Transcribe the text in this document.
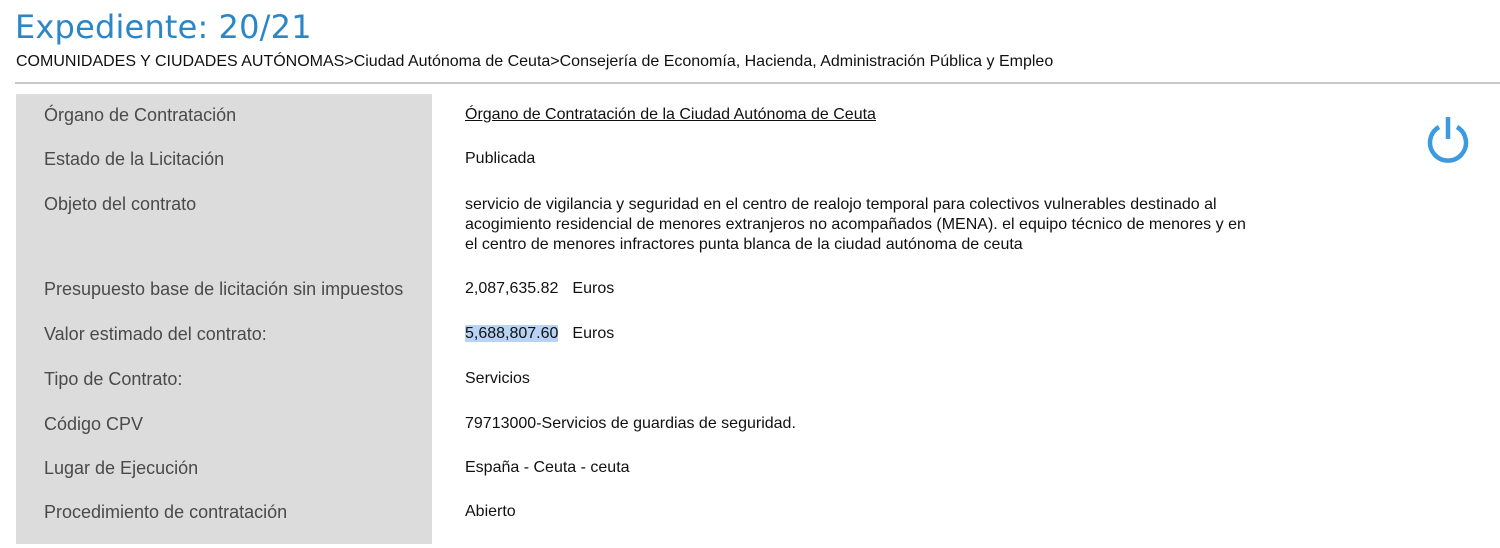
Expediente: 20/21
COMUNIDADES Y CIUDADES AUTÓNOMAS>Ciudad Autónoma de Ceuta>Consejería de Economía, Hacienda, Administración Pública y Empleo
Órgano de Contratación	Órgano de Contratación de la Ciudad Autónoma de Ceuta
Estado de la Licitación	Publicada
Objeto del contrato	servicio de vigilancia y seguridad en el centro de realojo temporal para colectivos vulnerables destinado al acogimiento residencial de menores extranjeros no acompañados (MENA). el equipo técnico de menores y en el centro de menores infractores punta blanca de la ciudad autónoma de ceuta
Presupuesto base de licitación sin impuestos	2,087,635.82 Euros
Valor estimado del contrato:	5,688,807.60 Euros
Tipo de Contrato:	Servicios
Código CPV	79713000-Servicios de guardias de seguridad.
Lugar de Ejecución	España - Ceuta - ceuta
Procedimiento de contratación	Abierto
